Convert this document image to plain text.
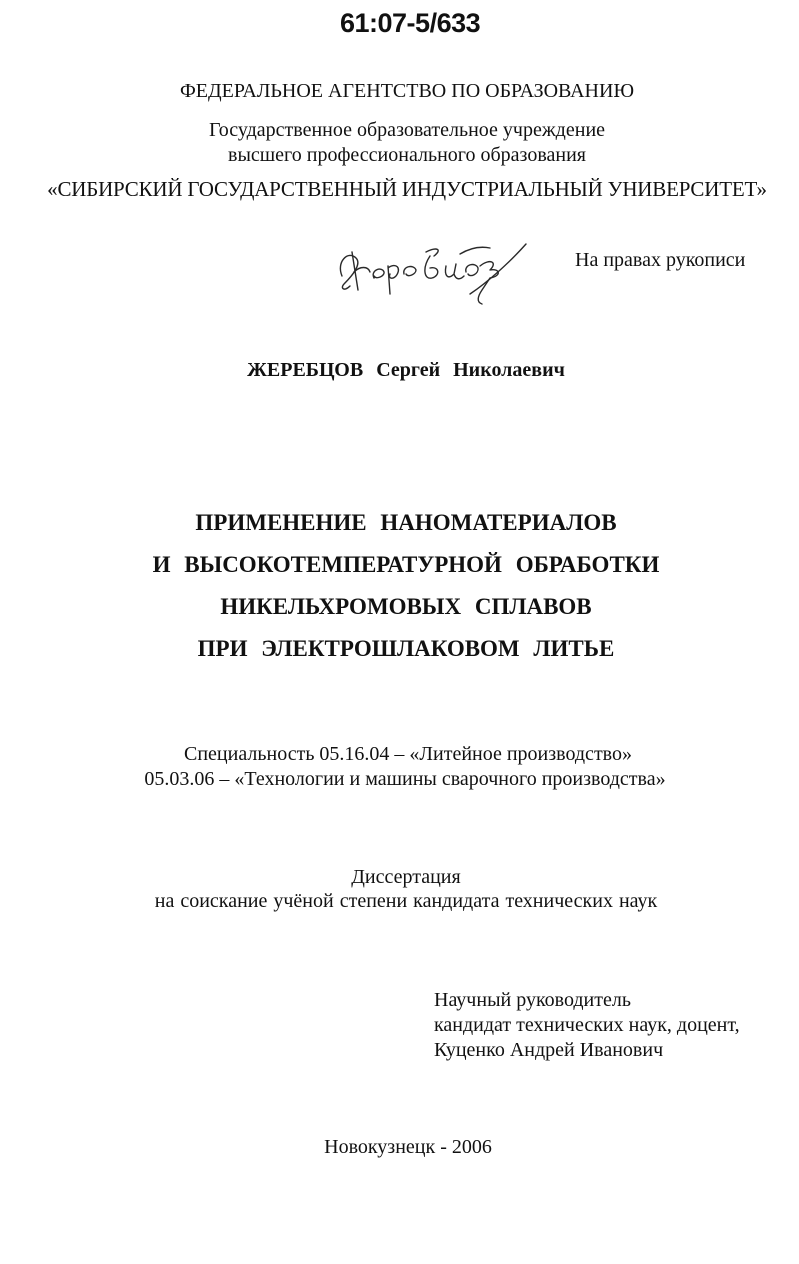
61:07-5/633
ФЕДЕРАЛЬНОЕ АГЕНТСТВО ПО ОБРАЗОВАНИЮ
Государственное образовательное учреждение
высшего профессионального образования
«СИБИРСКИЙ ГОСУДАРСТВЕННЫЙ ИНДУСТРИАЛЬНЫЙ УНИВЕРСИТЕТ»
На правах рукописи
ЖЕРЕБЦОВ Сергей Николаевич
ПРИМЕНЕНИЕ НАНОМАТЕРИАЛОВ
И ВЫСОКОТЕМПЕРАТУРНОЙ ОБРАБОТКИ
НИКЕЛЬХРОМОВЫХ СПЛАВОВ
ПРИ ЭЛЕКТРОШЛАКОВОМ ЛИТЬЕ
Специальность 05.16.04 – «Литейное производство»
05.03.06 – «Технологии и машины сварочного производства»
Диссертация
на соискание учёной степени кандидата технических наук
Научный руководитель
кандидат технических наук, доцент,
Куценко Андрей Иванович
Новокузнецк - 2006
